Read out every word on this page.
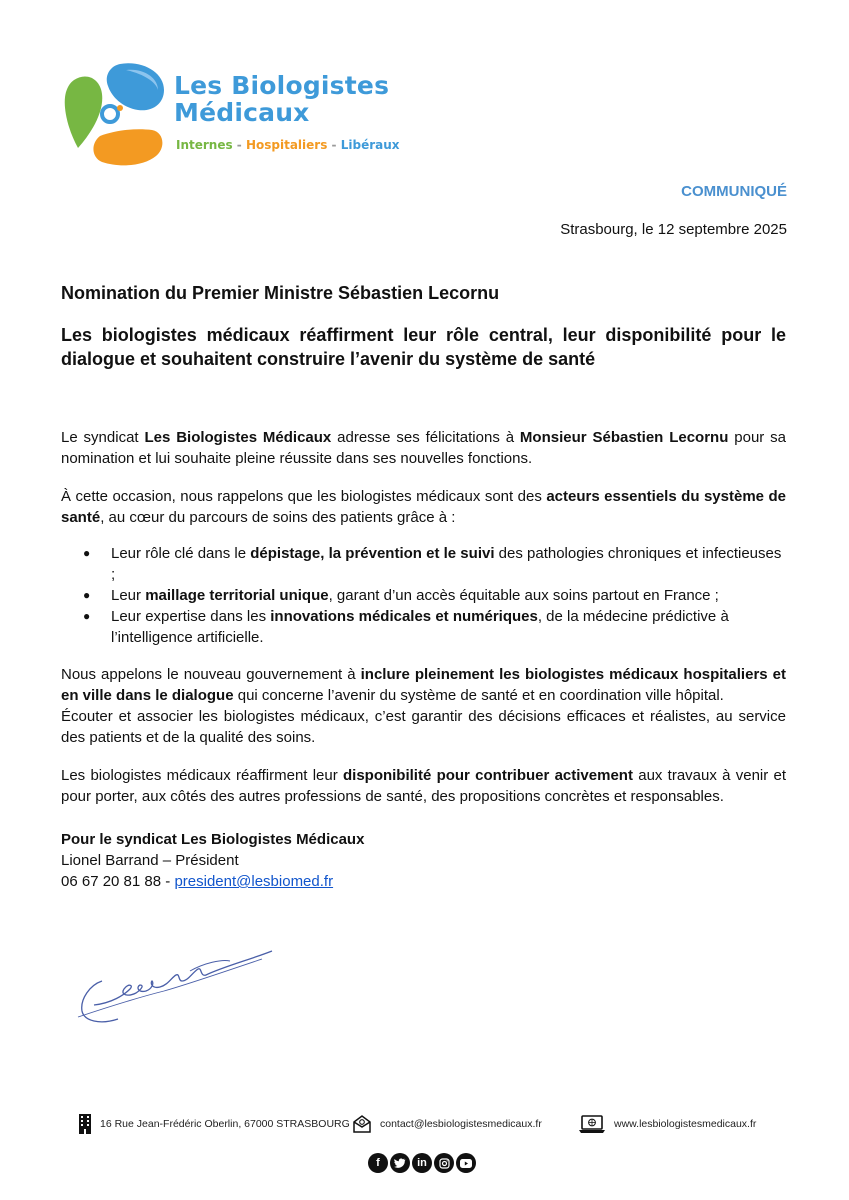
Les Biologistes
Médicaux
Internes - Hospitaliers - Libéraux
COMMUNIQUÉ
Strasbourg, le 12 septembre 2025
Nomination du Premier Ministre Sébastien Lecornu
Les biologistes médicaux réaffirment leur rôle central, leur disponibilité pour le dialogue et souhaitent construire l’avenir du système de santé

Le syndicat Les Biologistes Médicaux adresse ses félicitations à Monsieur Sébastien Lecornu pour sa nomination et lui souhaite pleine réussite dans ses nouvelles fonctions.

À cette occasion, nous rappelons que les biologistes médicaux sont des acteurs essentiels du système de santé, au cœur du parcours de soins des patients grâce à :

● Leur rôle clé dans le dépistage, la prévention et le suivi des pathologies chroniques et infectieuses ;
● Leur maillage territorial unique, garant d’un accès équitable aux soins partout en France ;
● Leur expertise dans les innovations médicales et numériques, de la médecine prédictive à l’intelligence artificielle.

Nous appelons le nouveau gouvernement à inclure pleinement les biologistes médicaux hospitaliers et en ville dans le dialogue qui concerne l’avenir du système de santé et en coordination ville hôpital.

Écouter et associer les biologistes médicaux, c’est garantir des décisions efficaces et réalistes, au service des patients et de la qualité des soins.

Les biologistes médicaux réaffirment leur disponibilité pour contribuer activement aux travaux à venir et pour porter, aux côtés des autres professions de santé, des propositions concrètes et responsables.

Pour le syndicat Les Biologistes Médicaux
Lionel Barrand – Président
06 67 20 81 88 - president@lesbiomed.fr
16 Rue Jean-Frédéric Oberlin, 67000 STRASBOURG	contact@lesbiologistesmedicaux.fr	www.lesbiologistesmedicaux.fr
f	in
